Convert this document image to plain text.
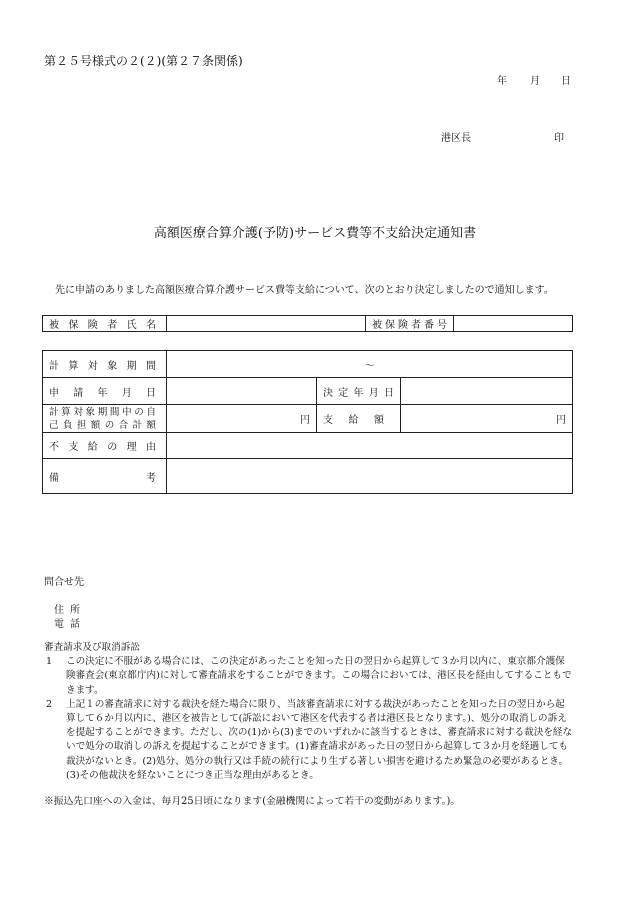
第２５号様式の２(２)(第２７条関係)
年 月 日
港区長	印
高額医療合算介護(予防)サービス費等不支給決定通知書
先に申請のありました高額医療合算介護サービス費等支給について、次のとおり決定しましたので通知します。
被保険者氏名		被保険者番号

計算対象期間	～		

申請年月日		決定年月日	

計算対象期間中の自
己負担額の合計額	円	支給額	円

不支給の理由			

備考			

問合せ先
住所
電話
審査請求及び取消訴訟
1 この決定に不服がある場合には、この決定があったことを知った日の翌日から起算して３か月以内に、東京都介護保険審査会(東京都庁内)に対して審査請求をすることができます。この場合においては、港区長を経由してすることもできます。
2 上記１の審査請求に対する裁決を経た場合に限り、当該審査請求に対する裁決があったことを知った日の翌日から起算して６か月以内に、港区を被告として(訴訟において港区を代表する者は港区長となります。)、処分の取消しの訴えを提起することができます。ただし、次の(1)から(3)までのいずれかに該当するときは、審査請求に対する裁決を経ないで処分の取消しの訴えを提起することができます。(1)審査請求があった日の翌日から起算して３か月を経過しても裁決がないとき。(2)処分、処分の執行又は手続の続行により生ずる著しい損害を避けるため緊急の必要があるとき。(3)その他裁決を経ないことにつき正当な理由があるとき。
※振込先口座への入金は、毎月25日頃になります(金融機関によって若干の変動があります。)。
